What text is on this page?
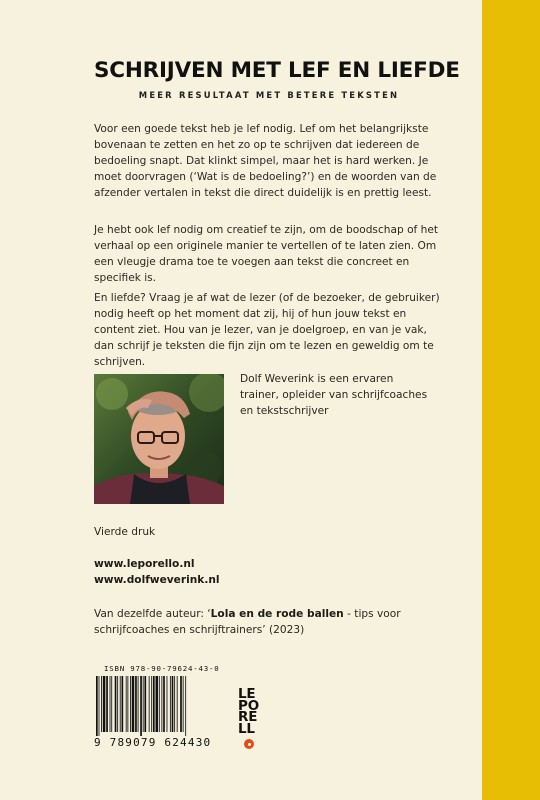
SCHRIJVEN MET LEF EN LIEFDE
MEER RESULTAAT MET BETERE TEKSTEN

Voor een goede tekst heb je lef nodig. Lef om het belangrijkste bovenaan te zetten en het zo op te schrijven dat iedereen de bedoeling snapt. Dat klinkt simpel, maar het is hard werken. Je moet doorvragen (‘Wat is de bedoeling?’) en de woorden van de afzender vertalen in tekst die direct duidelijk is en prettig leest.

Je hebt ook lef nodig om creatief te zijn, om de boodschap of het verhaal op een originele manier te vertellen of te laten zien. Om een vleugje drama toe te voegen aan tekst die concreet en specifiek is.

En liefde? Vraag je af wat de lezer (of de bezoeker, de gebruiker) nodig heeft op het moment dat zij, hij of hun jouw tekst en content ziet. Hou van je lezer, van je doelgroep, en van je vak, dan schrijf je teksten die fijn zijn om te lezen en geweldig om te schrijven.

Dolf Weverink is een ervaren trainer, opleider van schrijfcoaches en tekstschrijver

Vierde druk
www.leporello.nl
www.dolfweverink.nl

Van dezelfde auteur: ‘Lola en de rode ballen - tips voor schrijfcoaches en schrijftrainers’ (2023)

ISBN 978-90-79624-43-0
9 789079 624430
LE
PO
RE
LL
